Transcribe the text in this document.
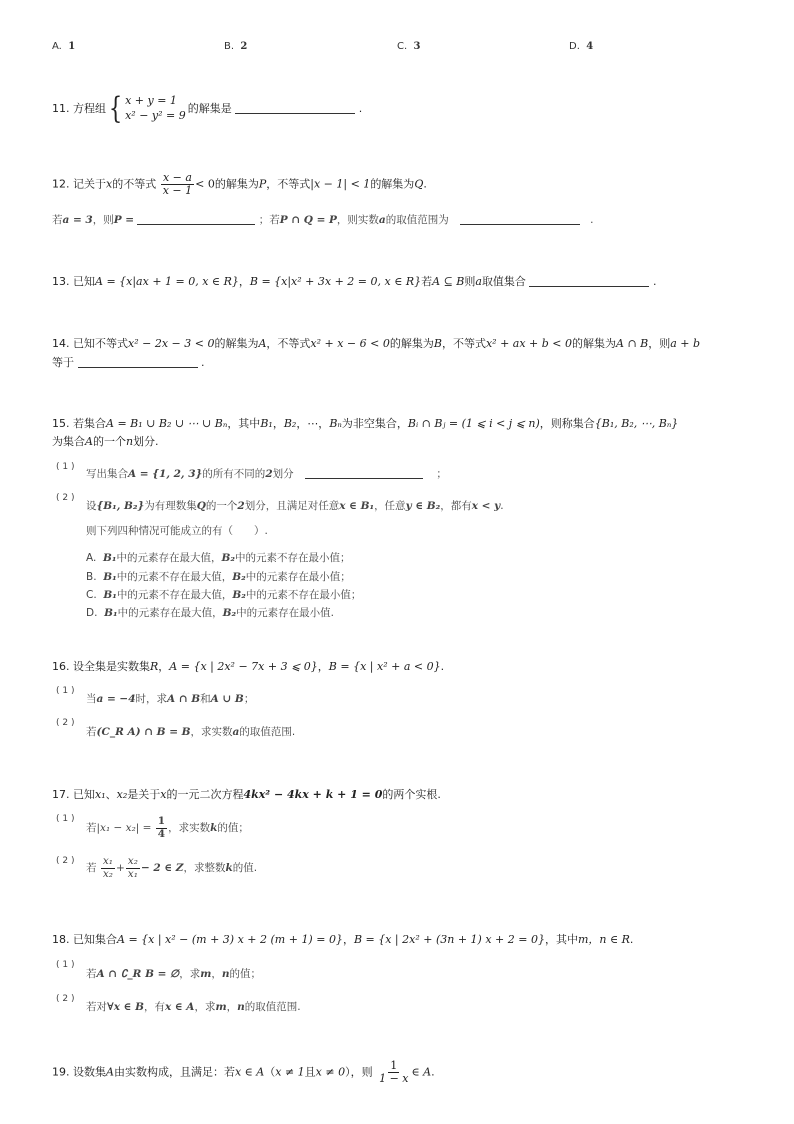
A. 1	B. 2	C. 3	D. 4
11. 方程组{ x + y = 1
x² − y² = 9
的解集是	.
12. 记关于x的不等式 $\frac{x - a}{x - 1} < 0$的解集为P，不等式|x − 1| < 1的解集为Q.
若a = 3，则P =	；若P ∩ Q = P，则实数a的取值范围为	.
13. 已知A = {x|ax + 1 = 0, x ∈ R}，B = {x|x² + 3x + 2 = 0, x ∈ R}若A ⊆ B则a取值集合	.
14. 已知不等式x² − 2x − 3 < 0的解集为A，不等式x² + x − 6 < 0的解集为B，不等式x² + ax + b < 0的解集为A ∩ B，则a + b
等于	.
15. 若集合A = B₁ ∪ B₂ ∪ ⋯ ∪ Bₙ，其中B₁，B₂，⋯，Bₙ为非空集合，Bᵢ ∩ Bⱼ = (1 ⩽ i < j ⩽ n)，则称集合{B₁, B₂, ⋯, Bₙ}
为集合A的一个n划分.
( 1 )
写出集合A = {1, 2, 3}的所有不同的2划分	；
( 2 )
设{B₁, B₂}为有理数集Q的一个2划分，且满足对任意x ∈ B₁，任意y ∈ B₂，都有x < y.
则下列四种情况可能成立的有（　　）.
A. B₁中的元素存在最大值，B₂中的元素不存在最小值；
B. B₁中的元素不存在最大值，B₂中的元素存在最小值；
C. B₁中的元素不存在最大值，B₂中的元素不存在最小值；
D. B₁中的元素存在最大值，B₂中的元素存在最小值.
16. 设全集是实数集R，A = {x | 2x² − 7x + 3 ⩽ 0}，B = {x | x² + a < 0}.
( 1 )
当a = −4时，求A ∩ B和A ∪ B；
( 2 )
若(C_R A) ∩ B = B，求实数a的取值范围.
17. 已知x₁、x₂是关于x的一元二次方程4kx² − 4kx + k + 1 = 0的两个实根.
( 1 )
若$|x_1 - x_2| = \frac{1}{4}$ ，求实数k的值；
( 2 )
若 $\frac{\text{x₁}}{\text{x₂}} + \frac{\text{x₂}}{\text{x₁}} - 2$ ∈ Z，求整数k的值.
18. 已知集合A = {x | x² − (m + 3) x + 2 (m + 1) = 0}，B = {x | 2x² + (3n + 1) x + 2 = 0}，其中m，n ∈ R.
( 1 )
若A ∩ ∁_R B = ∅，求m，n的值；
( 2 )
若对∀x ∈ B，有x ∈ A，求m，n的取值范围.
19. 设数集A由实数构成，且满足：若x ∈ A（x ≠ 1且x ≠ 0），则 $\frac{1}{1 - x}$ ∈ A.
